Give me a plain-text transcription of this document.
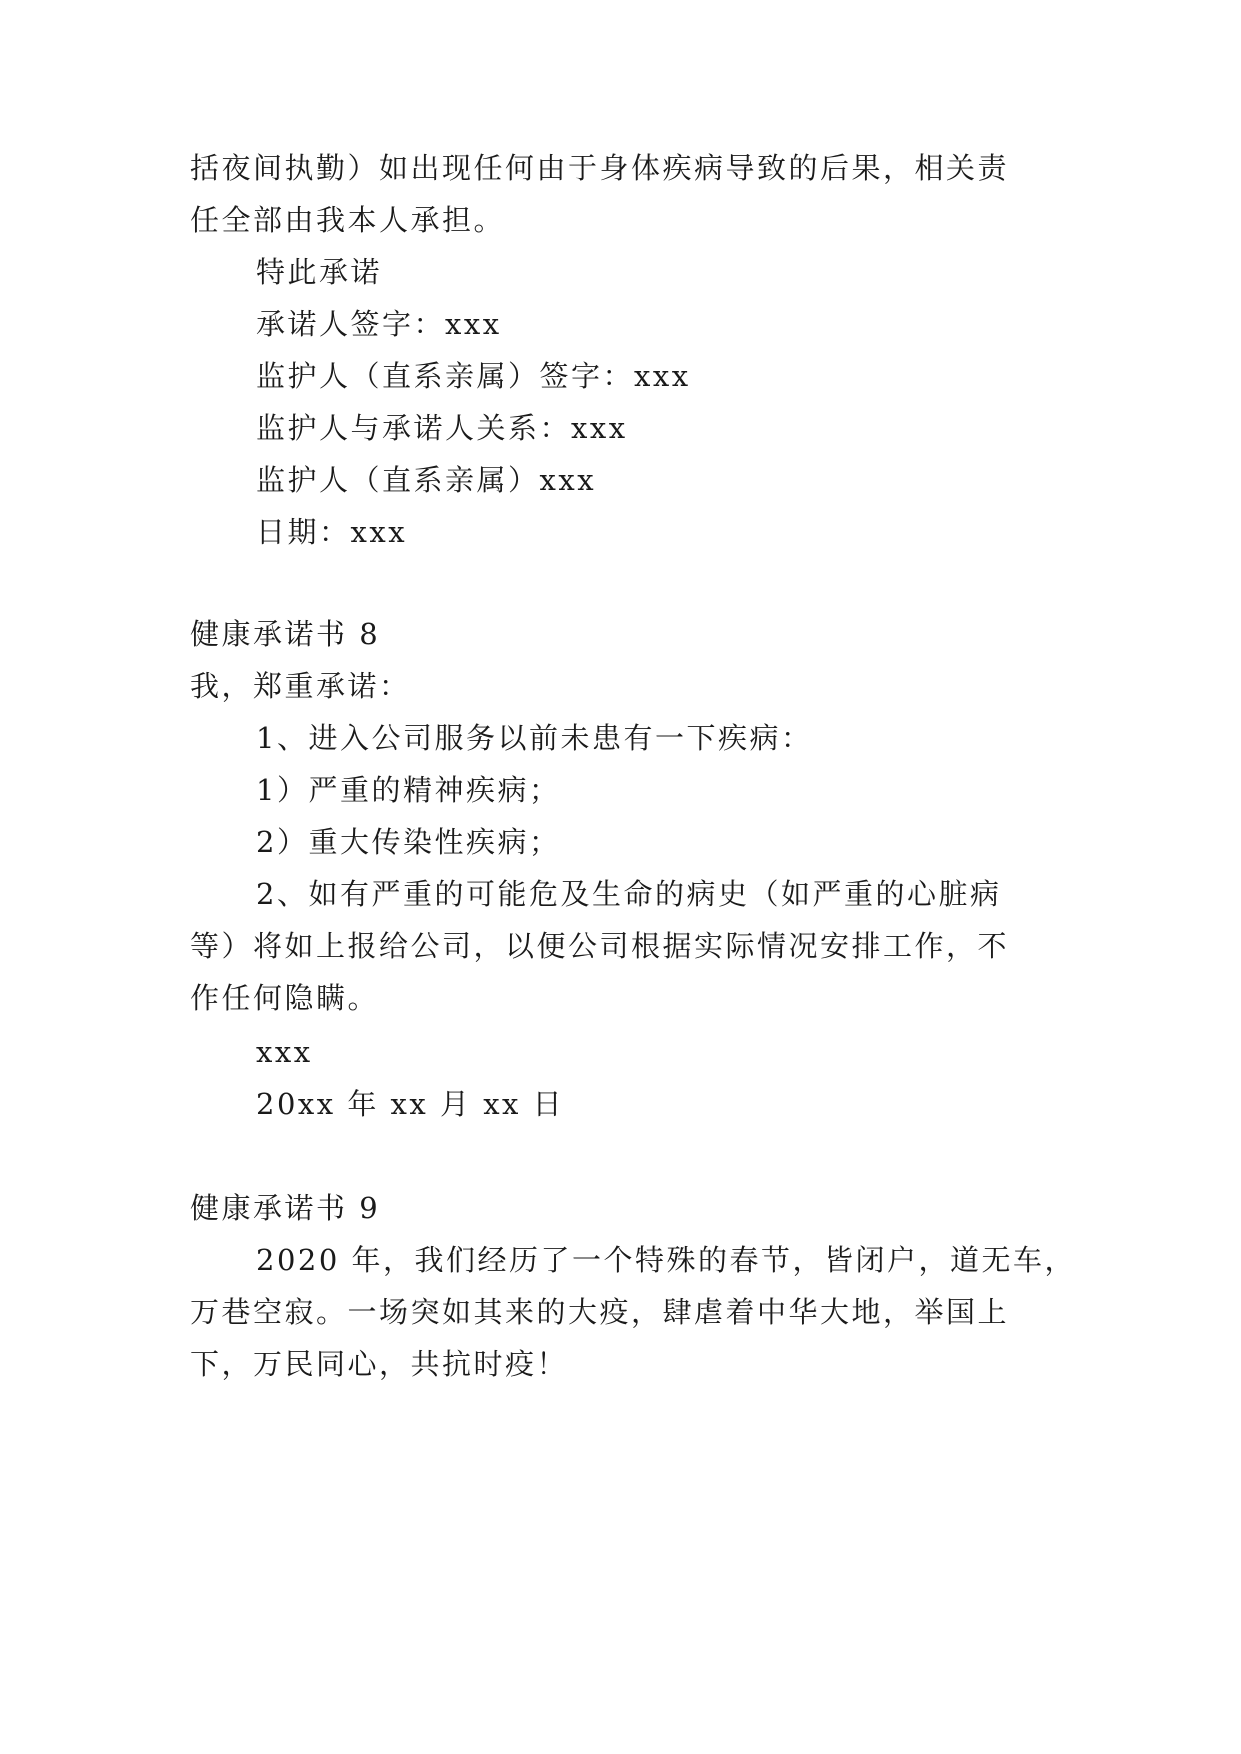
括夜间执勤）如出现任何由于身体疾病导致的后果，相关责
任全部由我本人承担。
特此承诺
承诺人签字：xxx
监护人（直系亲属）签字：xxx
监护人与承诺人关系：xxx
监护人（直系亲属）xxx
日期：xxx
健康承诺书 8
我，郑重承诺：
1、进入公司服务以前未患有一下疾病：
1）严重的精神疾病；
2）重大传染性疾病；
2、如有严重的可能危及生命的病史（如严重的心脏病
等）将如上报给公司，以便公司根据实际情况安排工作，不
作任何隐瞒。
xxx
20xx 年 xx 月 xx 日
健康承诺书 9
2020 年，我们经历了一个特殊的春节，皆闭户，道无车，
万巷空寂。一场突如其来的大疫，肆虐着中华大地，举国上
下，万民同心，共抗时疫！
